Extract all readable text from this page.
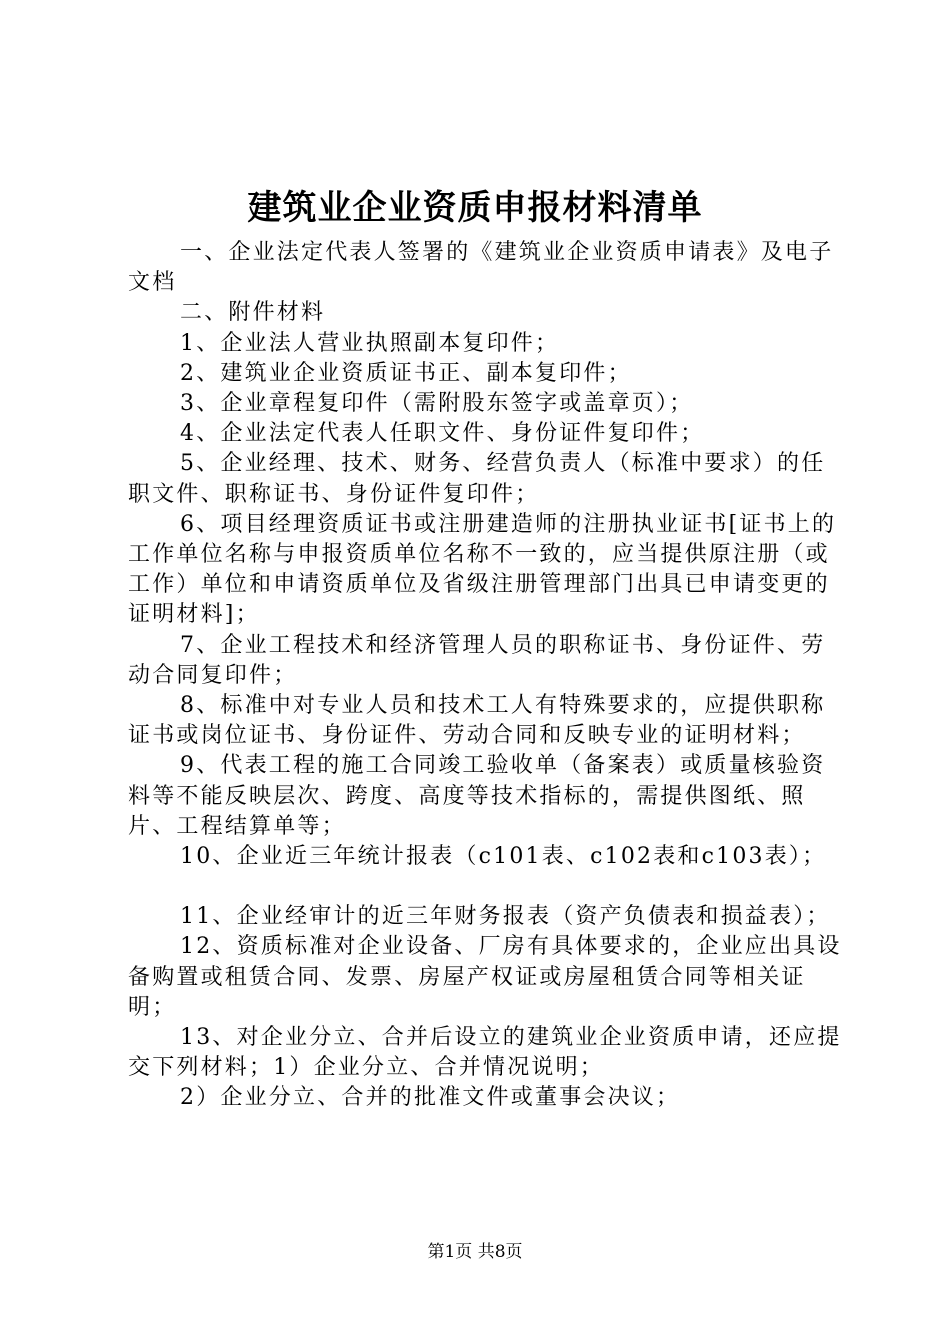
建筑业企业资质申报材料清单

一、企业法定代表人签署的《建筑业企业资质申请表》及电子文档

二、附件材料

1、企业法人营业执照副本复印件；

2、建筑业企业资质证书正、副本复印件；

3、企业章程复印件（需附股东签字或盖章页）；

4、企业法定代表人任职文件、身份证件复印件；

5、企业经理、技术、财务、经营负责人（标准中要求）的任职文件、职称证书、身份证件复印件；

6、项目经理资质证书或注册建造师的注册执业证书[证书上的工作单位名称与申报资质单位名称不一致的，应当提供原注册（或工作）单位和申请资质单位及省级注册管理部门出具已申请变更的证明材料]；

7、企业工程技术和经济管理人员的职称证书、身份证件、劳动合同复印件；

8、标准中对专业人员和技术工人有特殊要求的，应提供职称证书或岗位证书、身份证件、劳动合同和反映专业的证明材料；

9、代表工程的施工合同竣工验收单（备案表）或质量核验资料等不能反映层次、跨度、高度等技术指标的，需提供图纸、照片、工程结算单等；

10、企业近三年统计报表（c101表、c102表和c103表）；

11、企业经审计的近三年财务报表（资产负债表和损益表）；

12、资质标准对企业设备、厂房有具体要求的，企业应出具设备购置或租赁合同、发票、房屋产权证或房屋租赁合同等相关证明；

13、对企业分立、合并后设立的建筑业企业资质申请，还应提交下列材料；1）企业分立、合并情况说明；

2）企业分立、合并的批准文件或董事会决议；

第1页 共8页
